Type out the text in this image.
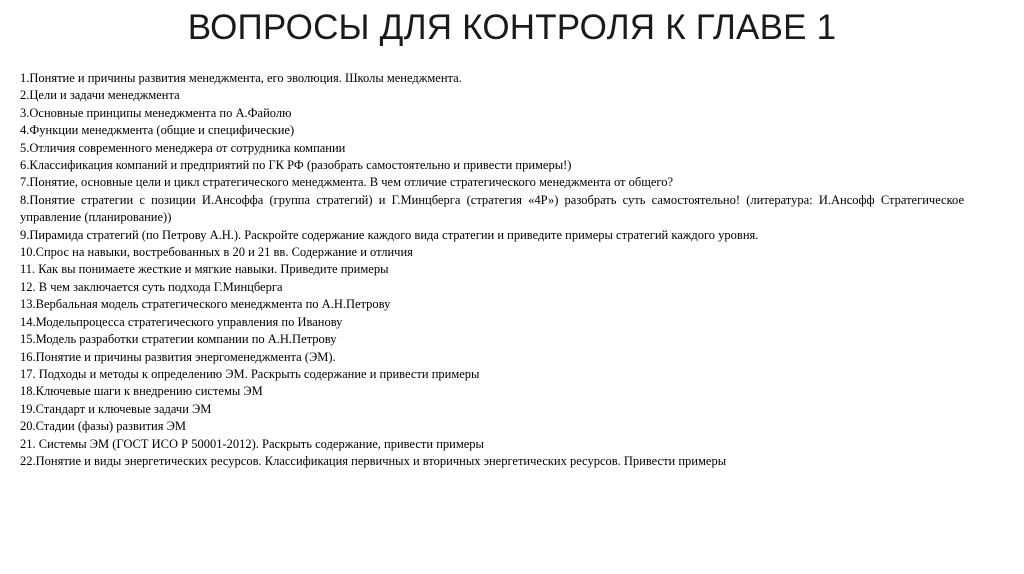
ВОПРОСЫ ДЛЯ КОНТРОЛЯ К ГЛАВЕ 1
1.Понятие и причины развития менеджмента, его эволюция. Школы менеджмента.
2.Цели и задачи менеджмента
3.Основные принципы менеджмента по А.Файолю
4.Функции менеджмента (общие и специфические)
5.Отличия современного менеджера от сотрудника компании
6.Классификация компаний и предприятий по ГК РФ (разобрать самостоятельно и привести примеры!)
7.Понятие, основные цели и цикл стратегического менеджмента. В чем отличие стратегического менеджмента от общего?
8.Понятие стратегии с позиции И.Ансоффа (группа стратегий) и Г.Минцберга (стратегия «4Р») разобрать суть самостоятельно! (литература: И.Ансофф Стратегическое управление (планирование))
9.Пирамида стратегий (по Петрову А.Н.). Раскройте содержание каждого вида стратегии и приведите примеры стратегий каждого уровня.
10.Спрос на навыки, востребованных в 20 и 21 вв. Содержание и отличия
11. Как вы понимаете жесткие и мягкие навыки. Приведите примеры
12. В чем заключается суть подхода Г.Минцберга
13.Вербальная модель стратегического менеджмента по А.Н.Петрову
14.Модельпроцесса стратегического управления по Иванову
15.Модель разработки стратегии компании по А.Н.Петрову
16.Понятие и причины развития энергоменеджмента (ЭМ).
17. Подходы и методы к определению ЭМ. Раскрыть содержание и привести примеры
18.Ключевые шаги к внедрению системы ЭМ
19.Стандарт и ключевые задачи ЭМ
20.Стадии (фазы) развития ЭМ
21. Системы ЭМ (ГОСТ ИСО Р 50001-2012). Раскрыть содержание, привести примеры
22.Понятие и виды энергетических ресурсов. Классификация первичных и вторичных энергетических ресурсов. Привести примеры
